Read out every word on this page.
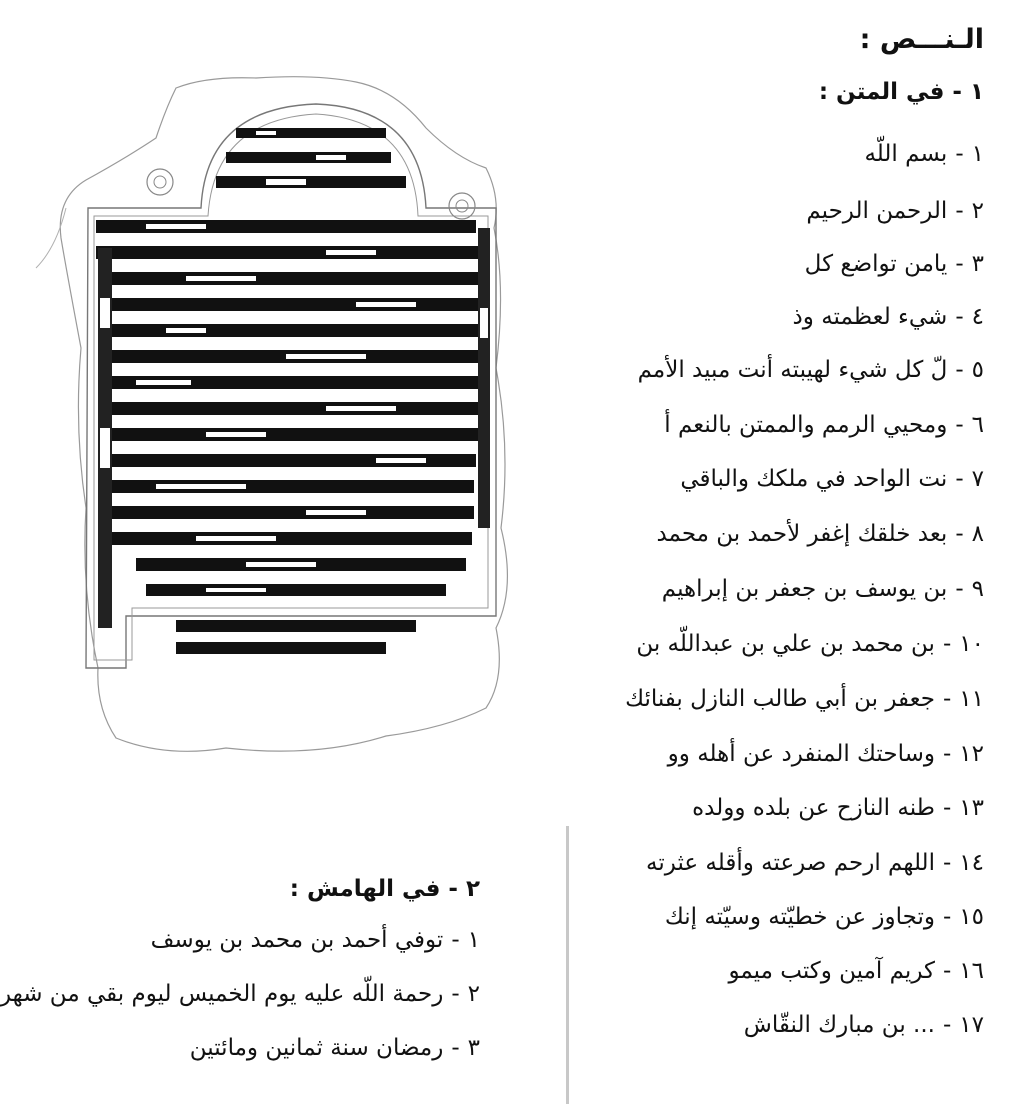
الـنـــص :
١ - في المتن :
١-بسم اللّه
٢-الرحمن الرحيم
٣-يامن تواضع كل
٤-شيء لعظمته وذ
٥-لّ كل شيء لهيبته أنت مبيد الأمم
٦-ومحيي الرمم والممتن بالنعم أ
٧-نت الواحد في ملكك والباقي
٨-بعد خلقك إغفر لأحمد بن محمد
٩-بن يوسف بن جعفر بن إبراهيم
١٠-بن محمد بن علي بن عبداللّه بن
١١-جعفر بن أبي طالب النازل بفنائك
١٢-وساحتك المنفرد عن أهله وو
١٣-طنه النازح عن بلده وولده
١٤-اللهم ارحم صرعته وأقله عثرته
١٥-وتجاوز عن خطيّته وسيّته إنك
١٦-كريم آمين وكتب ميمو
١٧-... بن مبارك النقّاش
٢ - في الهامش :
١-توفي أحمد بن محمد بن يوسف
٢-رحمة اللّه عليه يوم الخميس ليوم بقي من شهر
٣-رمضان سنة ثمانين ومائتين
